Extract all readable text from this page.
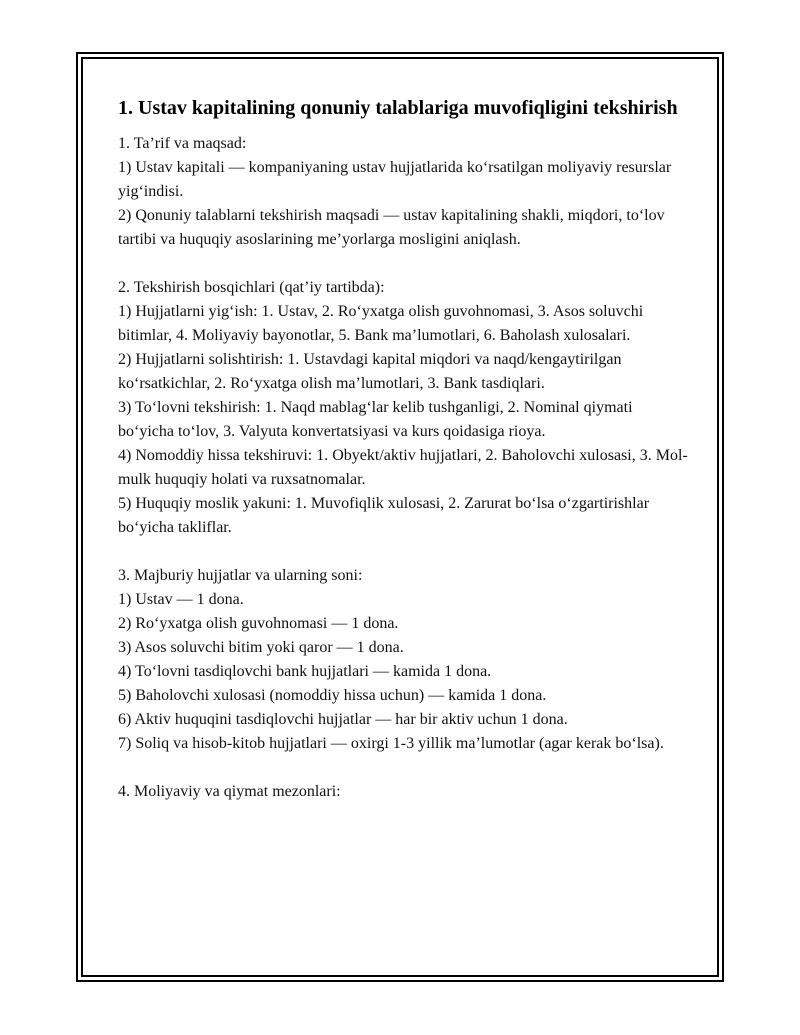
1. Ustav kapitalining qonuniy talablariga muvofiqligini tekshirish

1. Ta’rif va maqsad:

1) Ustav kapitali — kompaniyaning ustav hujjatlarida ko‘rsatilgan moliyaviy resurslar yig‘indisi.

2) Qonuniy talablarni tekshirish maqsadi — ustav kapitalining shakli, miqdori, to‘lov tartibi va huquqiy asoslarining me’yorlarga mosligini aniqlash.

2. Tekshirish bosqichlari (qat’iy tartibda):

1) Hujjatlarni yig‘ish: 1. Ustav, 2. Ro‘yxatga olish guvohnomasi, 3. Asos soluvchi bitimlar, 4. Moliyaviy bayonotlar, 5. Bank ma’lumotlari, 6. Baholash xulosalari.

2) Hujjatlarni solishtirish: 1. Ustavdagi kapital miqdori va naqd/kengaytirilgan ko‘rsatkichlar, 2. Ro‘yxatga olish ma’lumotlari, 3. Bank tasdiqlari.

3) To‘lovni tekshirish: 1. Naqd mablag‘lar kelib tushganligi, 2. Nominal qiymati bo‘yicha to‘lov, 3. Valyuta konvertatsiyasi va kurs qoidasiga rioya.

4) Nomoddiy hissa tekshiruvi: 1. Obyekt/aktiv hujjatlari, 2. Baholovchi xulosasi, 3. Mol-mulk huquqiy holati va ruxsatnomalar.

5) Huquqiy moslik yakuni: 1. Muvofiqlik xulosasi, 2. Zarurat bo‘lsa o‘zgartirishlar bo‘yicha takliflar.

3. Majburiy hujjatlar va ularning soni:

1) Ustav — 1 dona.

2) Ro‘yxatga olish guvohnomasi — 1 dona.

3) Asos soluvchi bitim yoki qaror — 1 dona.

4) To‘lovni tasdiqlovchi bank hujjatlari — kamida 1 dona.

5) Baholovchi xulosasi (nomoddiy hissa uchun) — kamida 1 dona.

6) Aktiv huquqini tasdiqlovchi hujjatlar — har bir aktiv uchun 1 dona.

7) Soliq va hisob-kitob hujjatlari — oxirgi 1-3 yillik ma’lumotlar (agar kerak bo‘lsa).

4. Moliyaviy va qiymat mezonlari:
